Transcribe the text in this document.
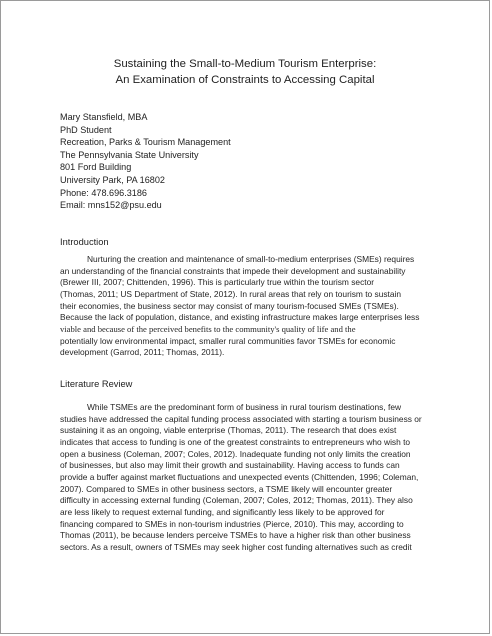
Sustaining the Small-to-Medium Tourism Enterprise:
An Examination of Constraints to Accessing Capital
Mary Stansfield, MBA
PhD Student
Recreation, Parks & Tourism Management
The Pennsylvania State University
801 Ford Building
University Park, PA 16802
Phone: 478.696.3186
Email: mns152@psu.edu
Introduction
Nurturing the creation and maintenance of small-to-medium enterprises (SMEs) requires
an understanding of the financial constraints that impede their development and sustainability
(Brewer III, 2007; Chittenden, 1996). This is particularly true within the tourism sector
(Thomas, 2011; US Department of State, 2012). In rural areas that rely on tourism to sustain
their economies, the business sector may consist of many tourism-focused SMEs (TSMEs).
Because the lack of population, distance, and existing infrastructure makes large enterprises less
viable and because of the perceived benefits to the community's quality of life and the
potentially low environmental impact, smaller rural communities favor TSMEs for economic
development (Garrod, 2011; Thomas, 2011).
Literature Review
While TSMEs are the predominant form of business in rural tourism destinations, few
studies have addressed the capital funding process associated with starting a tourism business or
sustaining it as an ongoing, viable enterprise (Thomas, 2011). The research that does exist
indicates that access to funding is one of the greatest constraints to entrepreneurs who wish to
open a business (Coleman, 2007; Coles, 2012). Inadequate funding not only limits the creation
of businesses, but also may limit their growth and sustainability. Having access to funds can
provide a buffer against market fluctuations and unexpected events (Chittenden, 1996; Coleman,
2007). Compared to SMEs in other business sectors, a TSME likely will encounter greater
difficulty in accessing external funding (Coleman, 2007; Coles, 2012; Thomas, 2011). They also
are less likely to request external funding, and significantly less likely to be approved for
financing compared to SMEs in non-tourism industries (Pierce, 2010). This may, according to
Thomas (2011), be because lenders perceive TSMEs to have a higher risk than other business
sectors. As a result, owners of TSMEs may seek higher cost funding alternatives such as credit
